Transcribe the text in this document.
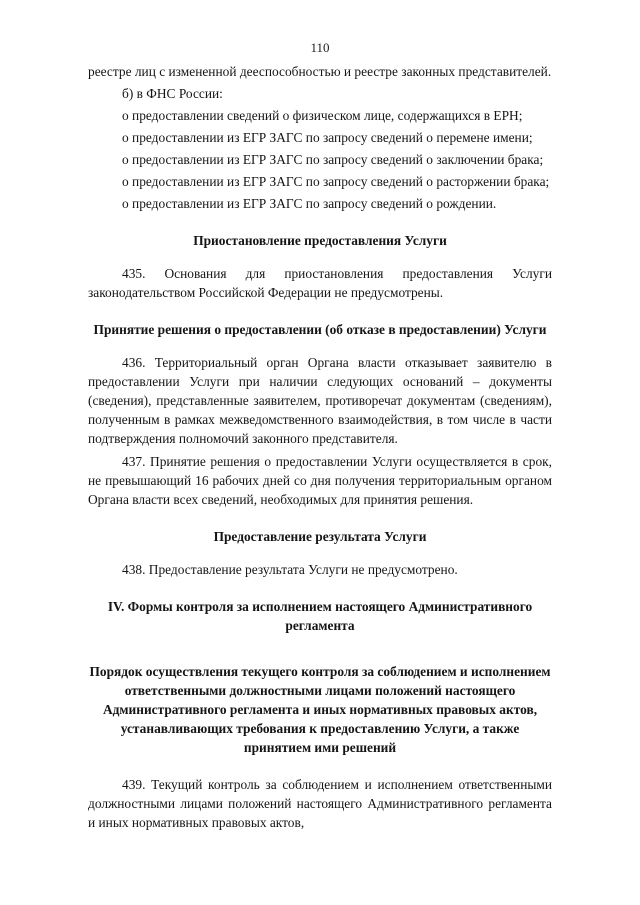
110

реестре лиц с измененной дееспособностью и реестре законных представителей.

б) в ФНС России:

о предоставлении сведений о физическом лице, содержащихся в ЕРН;

о предоставлении из ЕГР ЗАГС по запросу сведений о перемене имени;

о предоставлении из ЕГР ЗАГС по запросу сведений о заключении брака;

о предоставлении из ЕГР ЗАГС по запросу сведений о расторжении брака;

о предоставлении из ЕГР ЗАГС по запросу сведений о рождении.

Приостановление предоставления Услуги

435. Основания для приостановления предоставления Услуги законодательством Российской Федерации не предусмотрены.

Принятие решения о предоставлении (об отказе в предоставлении) Услуги

436. Территориальный орган Органа власти отказывает заявителю в предоставлении Услуги при наличии следующих оснований – документы (сведения), представленные заявителем, противоречат документам (сведениям), полученным в рамках межведомственного взаимодействия, в том числе в части подтверждения полномочий законного представителя.

437. Принятие решения о предоставлении Услуги осуществляется в срок, не превышающий 16 рабочих дней со дня получения территориальным органом Органа власти всех сведений, необходимых для принятия решения.

Предоставление результата Услуги

438. Предоставление результата Услуги не предусмотрено.

IV. Формы контроля за исполнением настоящего Административного регламента

Порядок осуществления текущего контроля за соблюдением и исполнением ответственными должностными лицами положений настоящего Административного регламента и иных нормативных правовых актов, устанавливающих требования к предоставлению Услуги, а также принятием ими решений

439. Текущий контроль за соблюдением и исполнением ответственными должностными лицами положений настоящего Административного регламента и иных нормативных правовых актов,
